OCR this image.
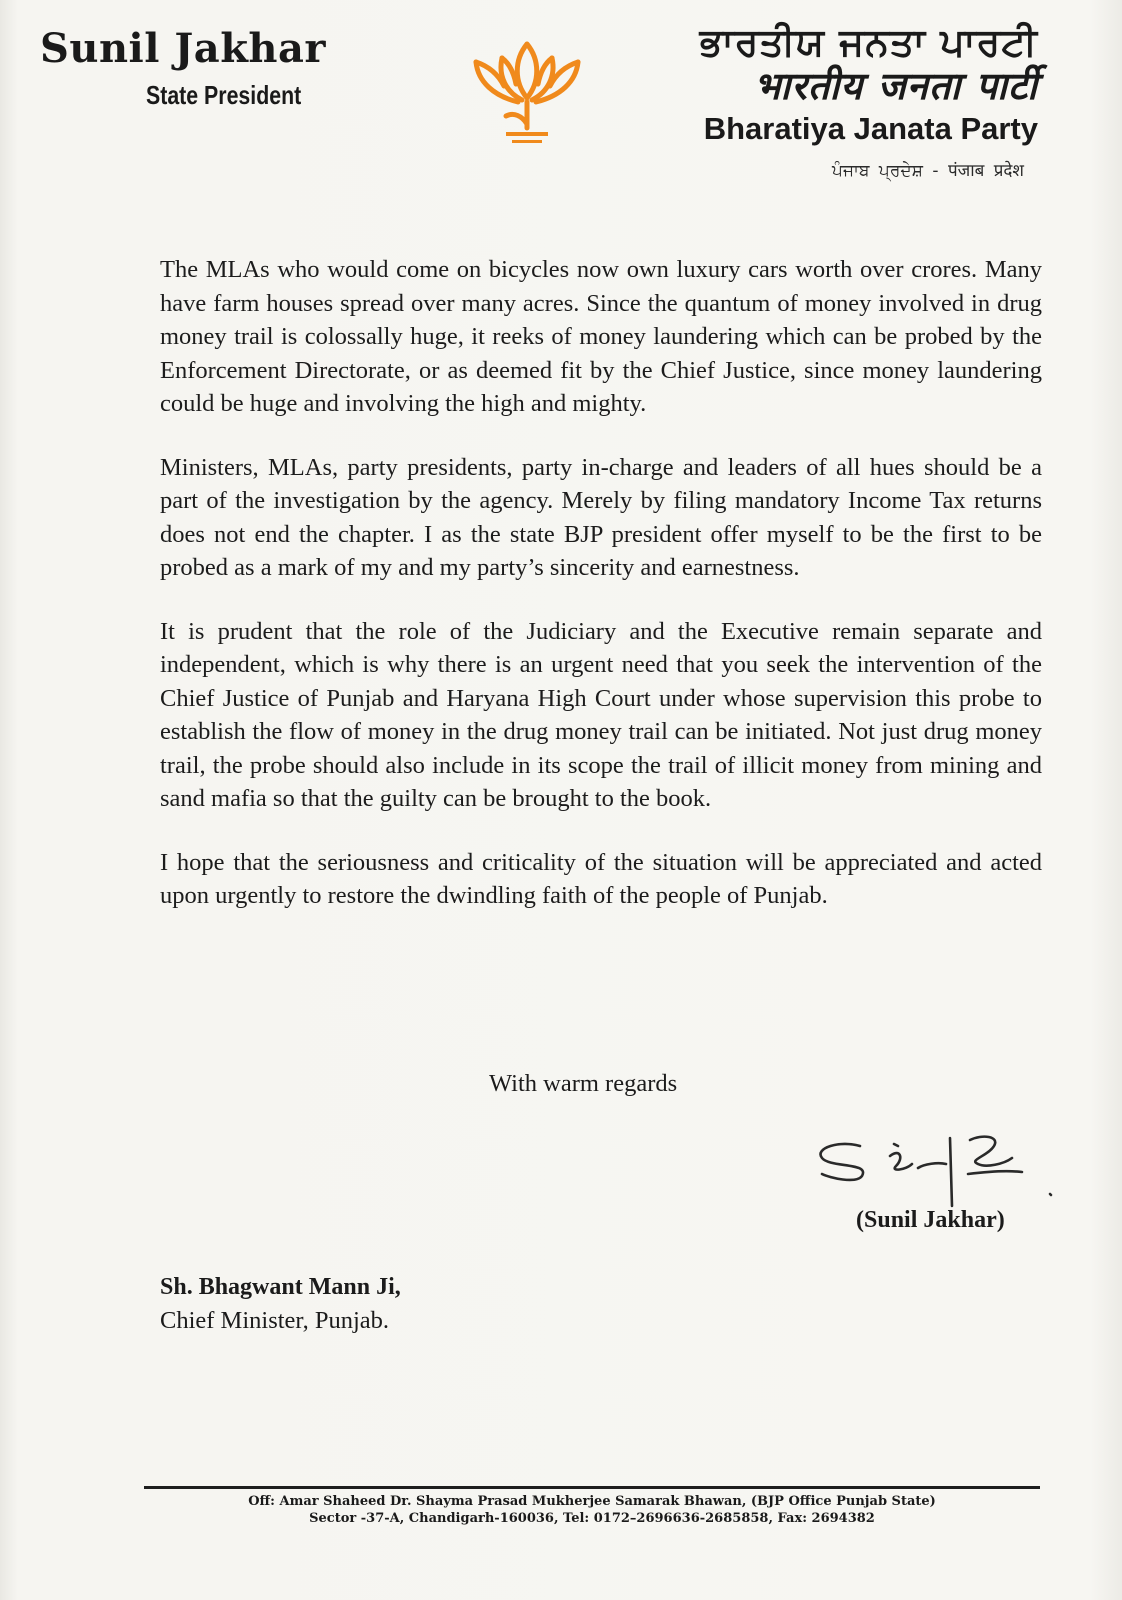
Sunil Jakhar
State President
ਭਾਰਤੀਯ ਜਨਤਾ ਪਾਰਟੀ
भारतीय जनता पार्टी
Bharatiya Janata Party
ਪੰਜਾਬ ਪ੍ਰਦੇਸ਼ - पंजाब प्रदेश

The MLAs who would come on bicycles now own luxury cars worth over crores. Many have farm houses spread over many acres. Since the quantum of money involved in drug money trail is colossally huge, it reeks of money laundering which can be probed by the Enforcement Directorate, or as deemed fit by the Chief Justice, since money laundering could be huge and involving the high and mighty.

Ministers, MLAs, party presidents, party in-charge and leaders of all hues should be a part of the investigation by the agency. Merely by filing mandatory Income Tax returns does not end the chapter. I as the state BJP president offer myself to be the first to be probed as a mark of my and my party’s sincerity and earnestness.

It is prudent that the role of the Judiciary and the Executive remain separate and independent, which is why there is an urgent need that you seek the intervention of the Chief Justice of Punjab and Haryana High Court under whose supervision this probe to establish the flow of money in the drug money trail can be initiated. Not just drug money trail, the probe should also include in its scope the trail of illicit money from mining and sand mafia so that the guilty can be brought to the book.

I hope that the seriousness and criticality of the situation will be appreciated and acted upon urgently to restore the dwindling faith of the people of Punjab.

With warm regards
(Sunil Jakhar)
Sh. Bhagwant Mann Ji,
Chief Minister, Punjab.
Off: Amar Shaheed Dr. Shayma Prasad Mukherjee Samarak Bhawan, (BJP Office Punjab State)
Sector -37-A, Chandigarh-160036, Tel: 0172–2696636-2685858, Fax: 2694382
